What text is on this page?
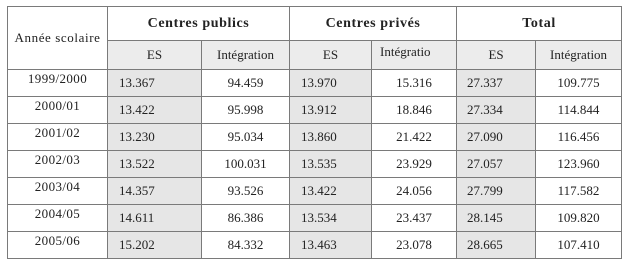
Année scolaire	Centres publics		Centres privés		Total	
	ES	Intégration	ES	Intégratio	ES	Intégration
1999/2000	13.367	94.459	13.970	15.316	27.337	109.775
2000/01	13.422	95.998	13.912	18.846	27.334	114.844
2001/02	13.230	95.034	13.860	21.422	27.090	116.456
2002/03	13.522	100.031	13.535	23.929	27.057	123.960
2003/04	14.357	93.526	13.422	24.056	27.799	117.582
2004/05	14.611	86.386	13.534	23.437	28.145	109.820
2005/06	15.202	84.332	13.463	23.078	28.665	107.410
